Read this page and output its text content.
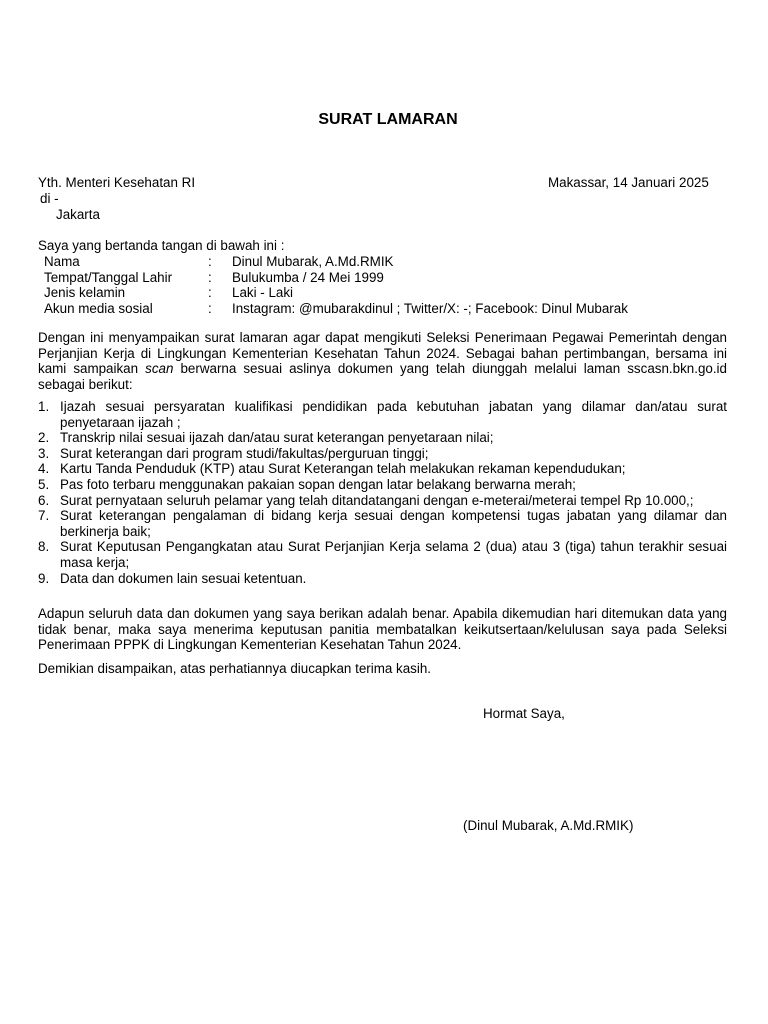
SURAT LAMARAN
Yth. Menteri Kesehatan RI
di -
Jakarta
Makassar, 14 Januari 2025
Saya yang bertanda tangan di bawah ini :
Nama	: Dinul Mubarak, A.Md.RMIK
Tempat/Tanggal Lahir	: Bulukumba / 24 Mei 1999
Jenis kelamin	: Laki - Laki
Akun media sosial	: Instagram: @mubarakdinul ; Twitter/X: -; Facebook: Dinul Mubarak
Dengan ini menyampaikan surat lamaran agar dapat mengikuti Seleksi Penerimaan Pegawai Pemerintah dengan Perjanjian Kerja di Lingkungan Kementerian Kesehatan Tahun 2024. Sebagai bahan pertimbangan, bersama ini kami sampaikan scan berwarna sesuai aslinya dokumen yang telah diunggah melalui laman sscasn.bkn.go.id sebagai berikut:
1. Ijazah sesuai persyaratan kualifikasi pendidikan pada kebutuhan jabatan yang dilamar dan/atau surat penyetaraan ijazah ;
2. Transkrip nilai sesuai ijazah dan/atau surat keterangan penyetaraan nilai;
3. Surat keterangan dari program studi/fakultas/perguruan tinggi;
4. Kartu Tanda Penduduk (KTP) atau Surat Keterangan telah melakukan rekaman kependudukan;
5. Pas foto terbaru menggunakan pakaian sopan dengan latar belakang berwarna merah;
6. Surat pernyataan seluruh pelamar yang telah ditandatangani dengan e-meterai/meterai tempel Rp 10.000,;
7. Surat keterangan pengalaman di bidang kerja sesuai dengan kompetensi tugas jabatan yang dilamar dan berkinerja baik;
8. Surat Keputusan Pengangkatan atau Surat Perjanjian Kerja selama 2 (dua) atau 3 (tiga) tahun terakhir sesuai masa kerja;
9. Data dan dokumen lain sesuai ketentuan.
Adapun seluruh data dan dokumen yang saya berikan adalah benar. Apabila dikemudian hari ditemukan data yang tidak benar, maka saya menerima keputusan panitia membatalkan keikutsertaan/kelulusan saya pada Seleksi Penerimaan PPPK di Lingkungan Kementerian Kesehatan Tahun 2024.
Demikian disampaikan, atas perhatiannya diucapkan terima kasih.
Hormat Saya,
(Dinul Mubarak, A.Md.RMIK)
